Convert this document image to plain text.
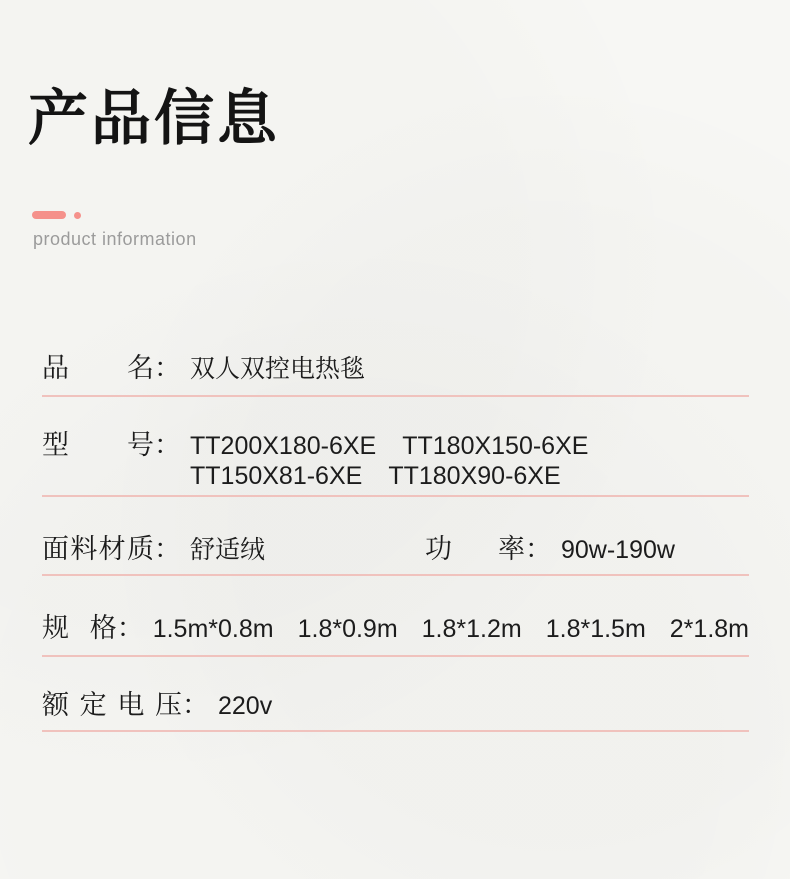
产品信息
product information
品名 ： 双人双控电热毯
型号 ： TT200X180-6XE TT180X150-6XE
TT150X81-6XE TT180X90-6XE
面料材质 ： 舒适绒	功率 ： 90w-190w
规格 ： 1.5m*0.8m 1.8*0.9m 1.8*1.2m 1.8*1.5m 2*1.8m
额定电压 ： 220v
